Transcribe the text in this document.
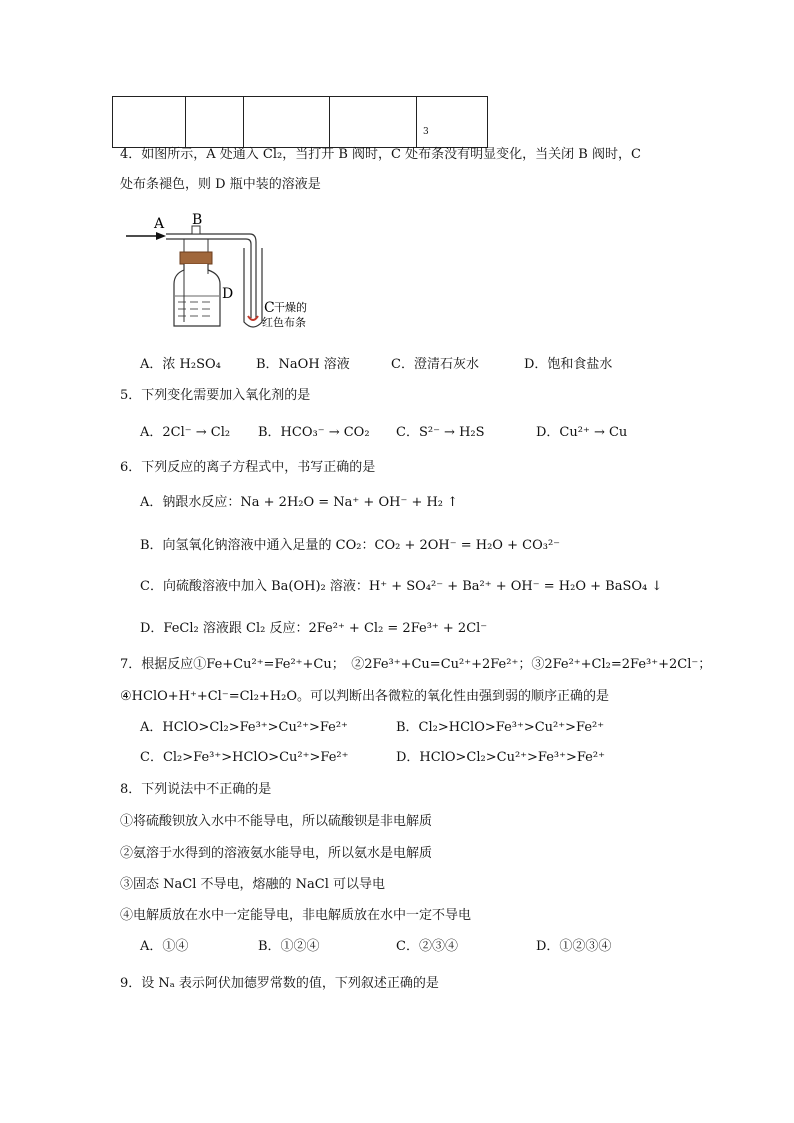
				3
4．如图所示，A 处通入 Cl₂，当打开 B 阀时，C 处布条没有明显变化，当关闭 B 阀时，C
处布条褪色，则 D 瓶中装的溶液是
A B
D
C 干燥的
红色布条
A．浓 H₂SO₄	B．NaOH 溶液	C．澄清石灰水	D．饱和食盐水
5．下列变化需要加入氧化剂的是
A．2Cl⁻ → Cl₂ B．HCO₃⁻ → CO₂ C．S²⁻ → H₂S	D．Cu²⁺ → Cu
6．下列反应的离子方程式中，书写正确的是
A．钠跟水反应：Na + 2H₂O = Na⁺ + OH⁻ + H₂ ↑
B．向氢氧化钠溶液中通入足量的 CO₂：CO₂ + 2OH⁻ = H₂O + CO₃²⁻
C．向硫酸溶液中加入 Ba(OH)₂ 溶液：H⁺ + SO₄²⁻ + Ba²⁺ + OH⁻ = H₂O + BaSO₄ ↓
D．FeCl₂ 溶液跟 Cl₂ 反应：2Fe²⁺ + Cl₂ = 2Fe³⁺ + 2Cl⁻
7．根据反应①Fe+Cu²⁺=Fe²⁺+Cu；　②2Fe³⁺+Cu=Cu²⁺+2Fe²⁺；③2Fe²⁺+Cl₂=2Fe³⁺+2Cl⁻；
④HClO+H⁺+Cl⁻=Cl₂+H₂O。可以判断出各微粒的氧化性由强到弱的顺序正确的是
A．HClO>Cl₂>Fe³⁺>Cu²⁺>Fe²⁺	B．Cl₂>HClO>Fe³⁺>Cu²⁺>Fe²⁺
C．Cl₂>Fe³⁺>HClO>Cu²⁺>Fe²⁺	D．HClO>Cl₂>Cu²⁺>Fe³⁺>Fe²⁺
8．下列说法中不正确的是
①将硫酸钡放入水中不能导电，所以硫酸钡是非电解质
②氨溶于水得到的溶液氨水能导电，所以氨水是电解质
③固态 NaCl 不导电，熔融的 NaCl 可以导电
④电解质放在水中一定能导电，非电解质放在水中一定不导电
A．①④	B．①②④	C．②③④	D．①②③④
9．设 Nₐ 表示阿伏加德罗常数的值，下列叙述正确的是
